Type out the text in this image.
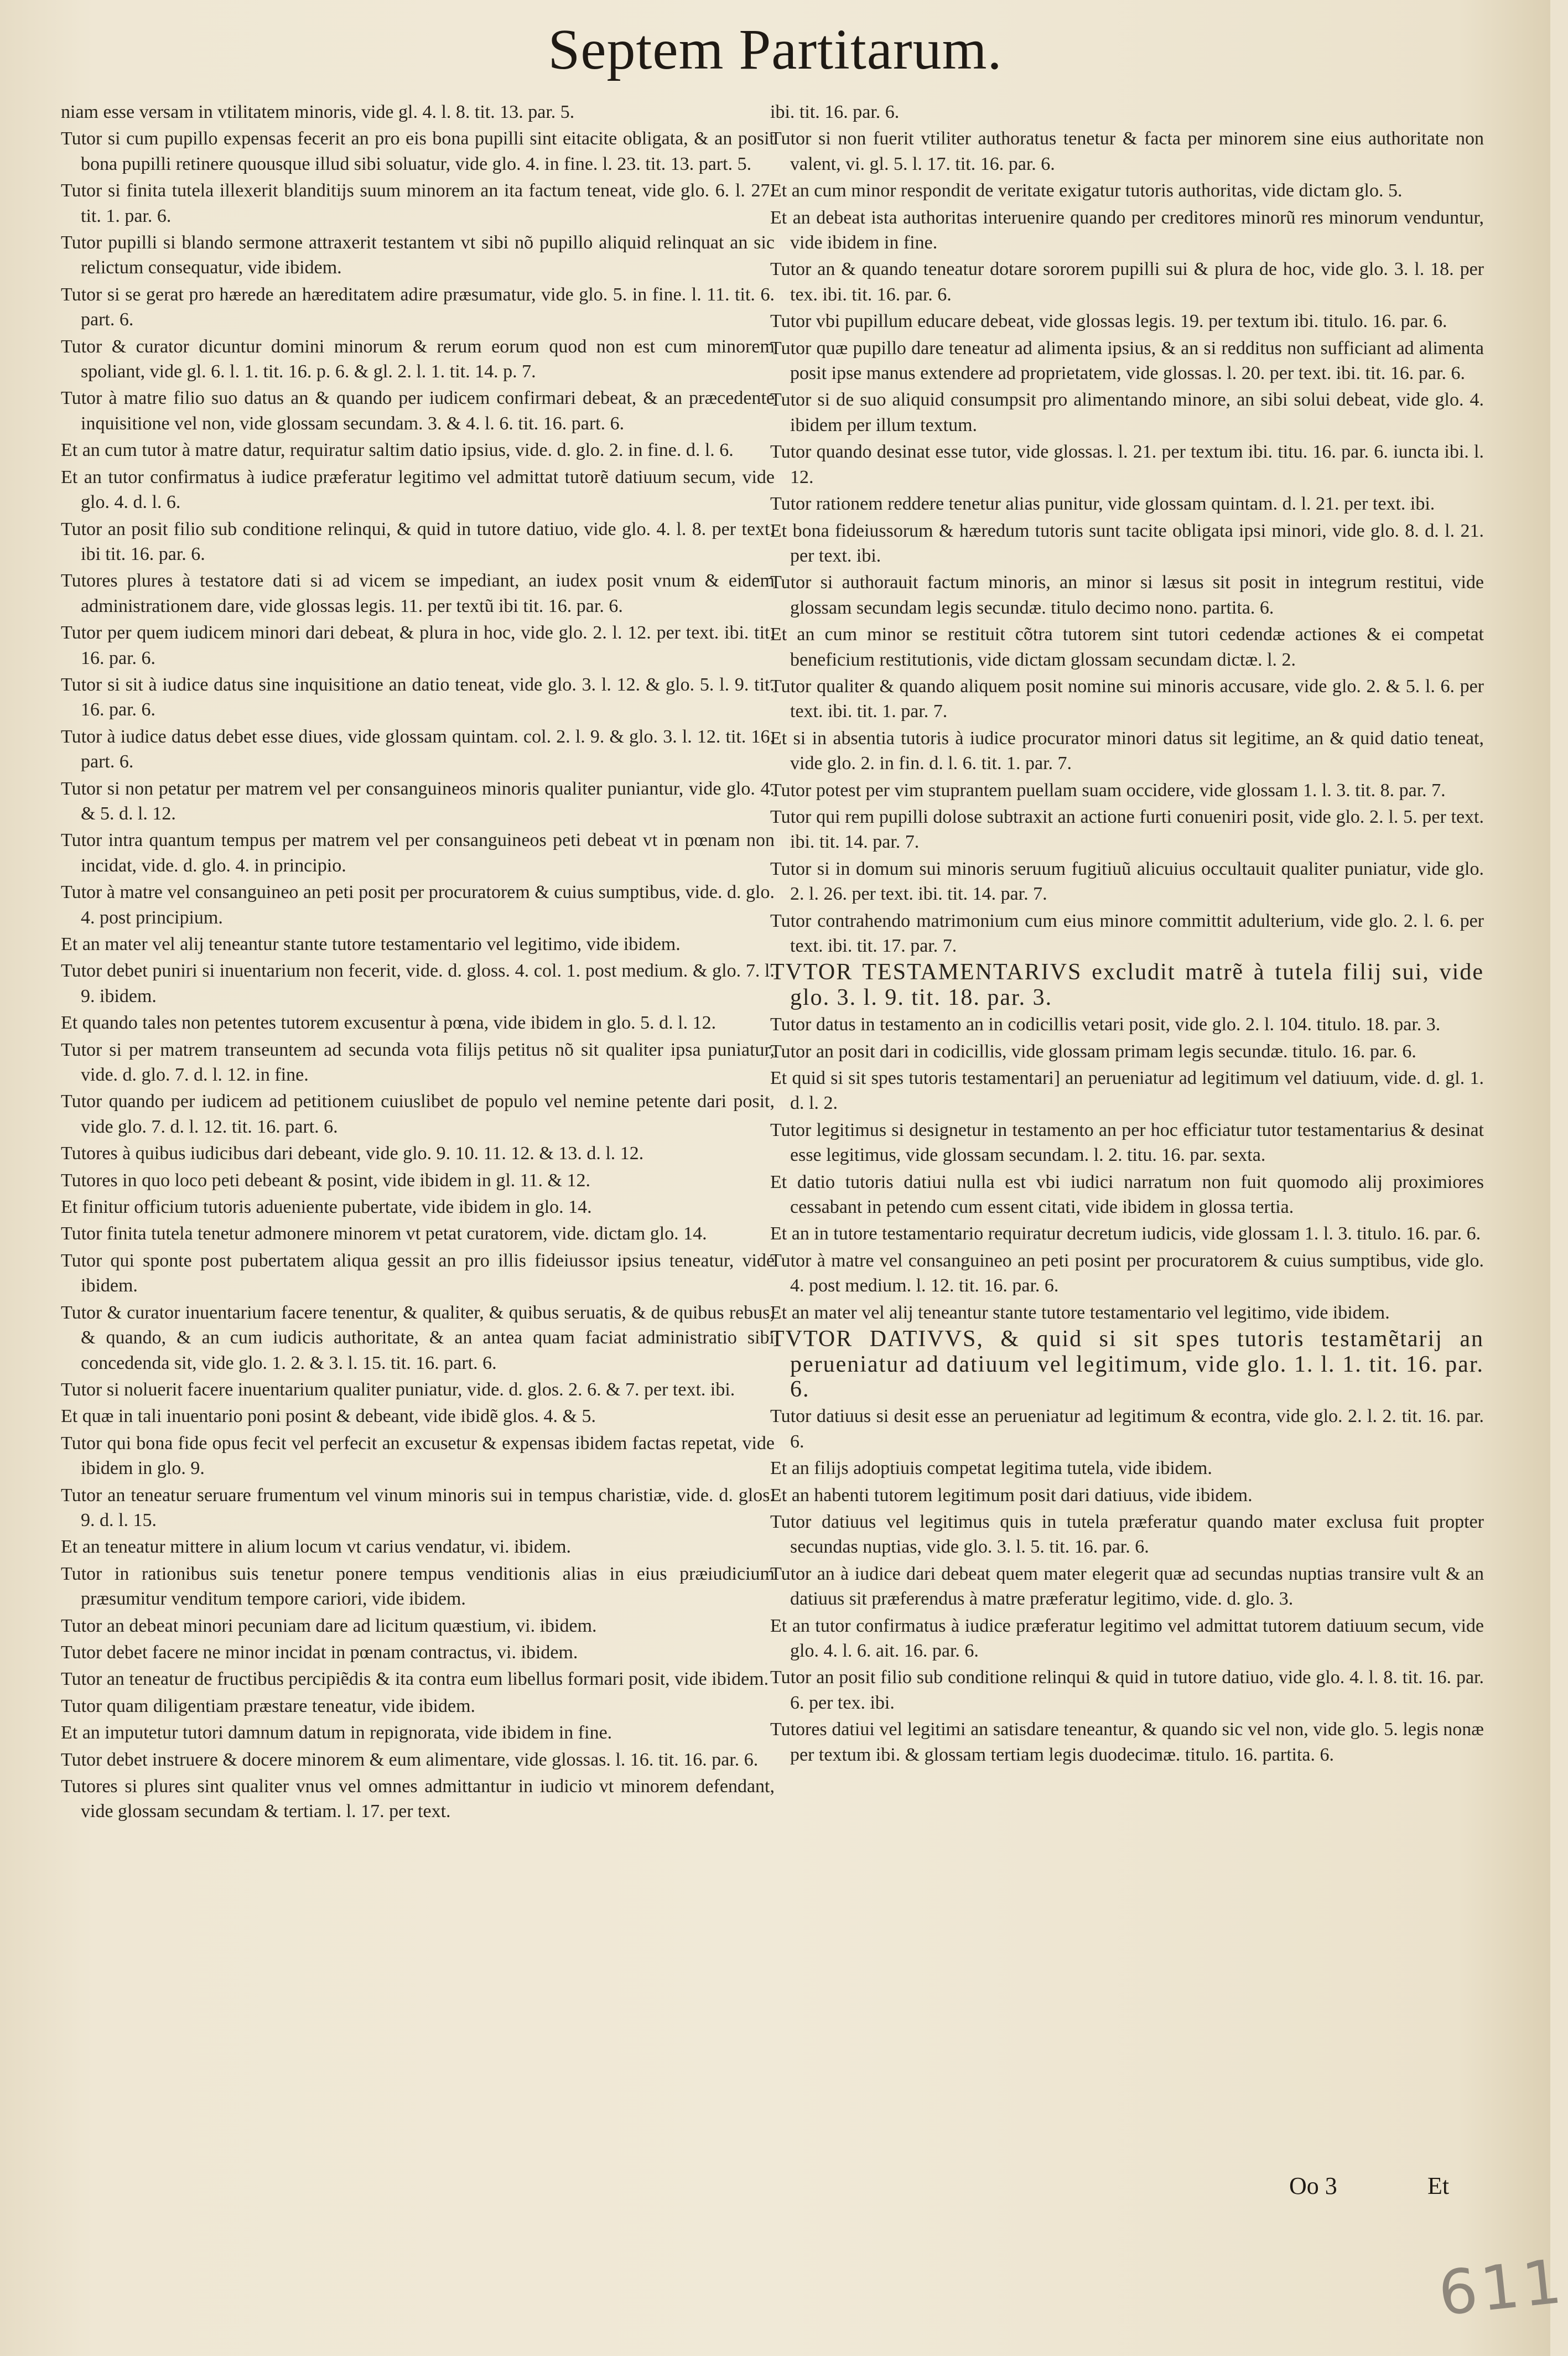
Septem Partitarum.

niam esse versam in vtilitatem minoris, vide gl. 4. l. 8. tit. 13. par. 5.

Tutor si cum pupillo expensas fecerit an pro eis bona pupilli sint eitacite obligata, & an posit bona pupilli retinere quousque illud sibi soluatur, vide glo. 4. in fine. l. 23. tit. 13. part. 5.

Tutor si finita tutela illexerit blanditijs suum minorem an ita factum teneat, vide glo. 6. l. 27. tit. 1. par. 6.

Tutor pupilli si blando sermone attraxerit testantem vt sibi nõ pupillo aliquid relinquat an sic relictum consequatur, vide ibidem.

Tutor si se gerat pro hærede an hæreditatem adire præsumatur, vide glo. 5. in fine. l. 11. tit. 6. part. 6.

Tutor & curator dicuntur domini minorum & rerum eorum quod non est cum minorem spoliant, vide gl. 6. l. 1. tit. 16. p. 6. & gl. 2. l. 1. tit. 14. p. 7.

Tutor à matre filio suo datus an & quando per iudicem confirmari debeat, & an præcedente inquisitione vel non, vide glossam secundam. 3. & 4. l. 6. tit. 16. part. 6.

Et an cum tutor à matre datur, requiratur saltim datio ipsius, vide. d. glo. 2. in fine. d. l. 6.

Et an tutor confirmatus à iudice præferatur legitimo vel admittat tutorẽ datiuum secum, vide glo. 4. d. l. 6.

Tutor an posit filio sub conditione relinqui, & quid in tutore datiuo, vide glo. 4. l. 8. per text. ibi tit. 16. par. 6.

Tutores plures à testatore dati si ad vicem se impediant, an iudex posit vnum & eidem administrationem dare, vide glossas legis. 11. per textũ ibi tit. 16. par. 6.

Tutor per quem iudicem minori dari debeat, & plura in hoc, vide glo. 2. l. 12. per text. ibi. tit. 16. par. 6.

Tutor si sit à iudice datus sine inquisitione an datio teneat, vide glo. 3. l. 12. & glo. 5. l. 9. tit. 16. par. 6.

Tutor à iudice datus debet esse diues, vide glossam quintam. col. 2. l. 9. & glo. 3. l. 12. tit. 16. part. 6.

Tutor si non petatur per matrem vel per consanguineos minoris qualiter puniantur, vide glo. 4. & 5. d. l. 12.

Tutor intra quantum tempus per matrem vel per consanguineos peti debeat vt in pœnam non incidat, vide. d. glo. 4. in principio.

Tutor à matre vel consanguineo an peti posit per procuratorem & cuius sumptibus, vide. d. glo. 4. post principium.

Et an mater vel alij teneantur stante tutore testamentario vel legitimo, vide ibidem.

Tutor debet puniri si inuentarium non fecerit, vide. d. gloss. 4. col. 1. post medium. & glo. 7. l. 9. ibidem.

Et quando tales non petentes tutorem excusentur à pœna, vide ibidem in glo. 5. d. l. 12.

Tutor si per matrem transeuntem ad secunda vota filijs petitus nõ sit qualiter ipsa puniatur, vide. d. glo. 7. d. l. 12. in fine.

Tutor quando per iudicem ad petitionem cuiuslibet de populo vel nemine petente dari posit, vide glo. 7. d. l. 12. tit. 16. part. 6.

Tutores à quibus iudicibus dari debeant, vide glo. 9. 10. 11. 12. & 13. d. l. 12.

Tutores in quo loco peti debeant & posint, vide ibidem in gl. 11. & 12.

Et finitur officium tutoris adueniente pubertate, vide ibidem in glo. 14.

Tutor finita tutela tenetur admonere minorem vt petat curatorem, vide. dictam glo. 14.

Tutor qui sponte post pubertatem aliqua gessit an pro illis fideiussor ipsius teneatur, vide ibidem.

Tutor & curator inuentarium facere tenentur, & qualiter, & quibus seruatis, & de quibus rebus, & quando, & an cum iudicis authoritate, & an antea quam faciat administratio sibi concedenda sit, vide glo. 1. 2. & 3. l. 15. tit. 16. part. 6.

Tutor si noluerit facere inuentarium qualiter puniatur, vide. d. glos. 2. 6. & 7. per text. ibi.

Et quæ in tali inuentario poni posint & debeant, vide ibidẽ glos. 4. & 5.

Tutor qui bona fide opus fecit vel perfecit an excusetur & expensas ibidem factas repetat, vide ibidem in glo. 9.

Tutor an teneatur seruare frumentum vel vinum minoris sui in tempus charistiæ, vide. d. glos. 9. d. l. 15.

Et an teneatur mittere in alium locum vt carius vendatur, vi. ibidem.

Tutor in rationibus suis tenetur ponere tempus venditionis alias in eius præiudicium præsumitur venditum tempore cariori, vide ibidem.

Tutor an debeat minori pecuniam dare ad licitum quæstium, vi. ibidem.

Tutor debet facere ne minor incidat in pœnam contractus, vi. ibidem.

Tutor an teneatur de fructibus percipiẽdis & ita contra eum libellus formari posit, vide ibidem.

Tutor quam diligentiam præstare teneatur, vide ibidem.

Et an imputetur tutori damnum datum in repignorata, vide ibidem in fine.

Tutor debet instruere & docere minorem & eum alimentare, vide glossas. l. 16. tit. 16. par. 6.

Tutores si plures sint qualiter vnus vel omnes admittantur in iudicio vt minorem defendant, vide glossam secundam & tertiam. l. 17. per text.

ibi. tit. 16. par. 6.

Tutor si non fuerit vtiliter authoratus tenetur & facta per minorem sine eius authoritate non valent, vi. gl. 5. l. 17. tit. 16. par. 6.

Et an cum minor respondit de veritate exigatur tutoris authoritas, vide dictam glo. 5.

Et an debeat ista authoritas interuenire quando per creditores minorũ res minorum venduntur, vide ibidem in fine.

Tutor an & quando teneatur dotare sororem pupilli sui & plura de hoc, vide glo. 3. l. 18. per tex. ibi. tit. 16. par. 6.

Tutor vbi pupillum educare debeat, vide glossas legis. 19. per textum ibi. titulo. 16. par. 6.

Tutor quæ pupillo dare teneatur ad alimenta ipsius, & an si redditus non sufficiant ad alimenta posit ipse manus extendere ad proprietatem, vide glossas. l. 20. per text. ibi. tit. 16. par. 6.

Tutor si de suo aliquid consumpsit pro alimentando minore, an sibi solui debeat, vide glo. 4. ibidem per illum textum.

Tutor quando desinat esse tutor, vide glossas. l. 21. per textum ibi. titu. 16. par. 6. iuncta ibi. l. 12.

Tutor rationem reddere tenetur alias punitur, vide glossam quintam. d. l. 21. per text. ibi.

Et bona fideiussorum & hæredum tutoris sunt tacite obligata ipsi minori, vide glo. 8. d. l. 21. per text. ibi.

Tutor si authorauit factum minoris, an minor si læsus sit posit in integrum restitui, vide glossam secundam legis secundæ. titulo decimo nono. partita. 6.

Et an cum minor se restituit cõtra tutorem sint tutori cedendæ actiones & ei competat beneficium restitutionis, vide dictam glossam secundam dictæ. l. 2.

Tutor qualiter & quando aliquem posit nomine sui minoris accusare, vide glo. 2. & 5. l. 6. per text. ibi. tit. 1. par. 7.

Et si in absentia tutoris à iudice procurator minori datus sit legitime, an & quid datio teneat, vide glo. 2. in fin. d. l. 6. tit. 1. par. 7.

Tutor potest per vim stuprantem puellam suam occidere, vide glossam 1. l. 3. tit. 8. par. 7.

Tutor qui rem pupilli dolose subtraxit an actione furti conueniri posit, vide glo. 2. l. 5. per text. ibi. tit. 14. par. 7.

Tutor si in domum sui minoris seruum fugitiuũ alicuius occultauit qualiter puniatur, vide glo. 2. l. 26. per text. ibi. tit. 14. par. 7.

Tutor contrahendo matrimonium cum eius minore committit adulterium, vide glo. 2. l. 6. per text. ibi. tit. 17. par. 7.

TVTOR TESTAMENTARIVS excludit matrẽ à tutela filij sui, vide glo. 3. l. 9. tit. 18. par. 3.

Tutor datus in testamento an in codicillis vetari posit, vide glo. 2. l. 104. titulo. 18. par. 3.

Tutor an posit dari in codicillis, vide glossam primam legis secundæ. titulo. 16. par. 6.

Et quid si sit spes tutoris testamentari] an perueniatur ad legitimum vel datiuum, vide. d. gl. 1. d. l. 2.

Tutor legitimus si designetur in testamento an per hoc efficiatur tutor testamentarius & desinat esse legitimus, vide glossam secundam. l. 2. titu. 16. par. sexta.

Et datio tutoris datiui nulla est vbi iudici narratum non fuit quomodo alij proximiores cessabant in petendo cum essent citati, vide ibidem in glossa tertia.

Et an in tutore testamentario requiratur decretum iudicis, vide glossam 1. l. 3. titulo. 16. par. 6.

Tutor à matre vel consanguineo an peti posint per procuratorem & cuius sumptibus, vide glo. 4. post medium. l. 12. tit. 16. par. 6.

Et an mater vel alij teneantur stante tutore testamentario vel legitimo, vide ibidem.

TVTOR DATIVVS, & quid si sit spes tutoris testamẽtarij an perueniatur ad datiuum vel legitimum, vide glo. 1. l. 1. tit. 16. par. 6.

Tutor datiuus si desit esse an perueniatur ad legitimum & econtra, vide glo. 2. l. 2. tit. 16. par. 6.

Et an filijs adoptiuis competat legitima tutela, vide ibidem.

Et an habenti tutorem legitimum posit dari datiuus, vide ibidem.

Tutor datiuus vel legitimus quis in tutela præferatur quando mater exclusa fuit propter secundas nuptias, vide glo. 3. l. 5. tit. 16. par. 6.

Tutor an à iudice dari debeat quem mater elegerit quæ ad secundas nuptias transire vult & an datiuus sit præferendus à matre præferatur legitimo, vide. d. glo. 3.

Et an tutor confirmatus à iudice præferatur legitimo vel admittat tutorem datiuum secum, vide glo. 4. l. 6. ait. 16. par. 6.

Tutor an posit filio sub conditione relinqui & quid in tutore datiuo, vide glo. 4. l. 8. tit. 16. par. 6. per tex. ibi.

Tutores datiui vel legitimi an satisdare teneantur, & quando sic vel non, vide glo. 5. legis nonæ per textum ibi. & glossam tertiam legis duodecimæ. titulo. 16. partita. 6.

Oo 3	Et
611
